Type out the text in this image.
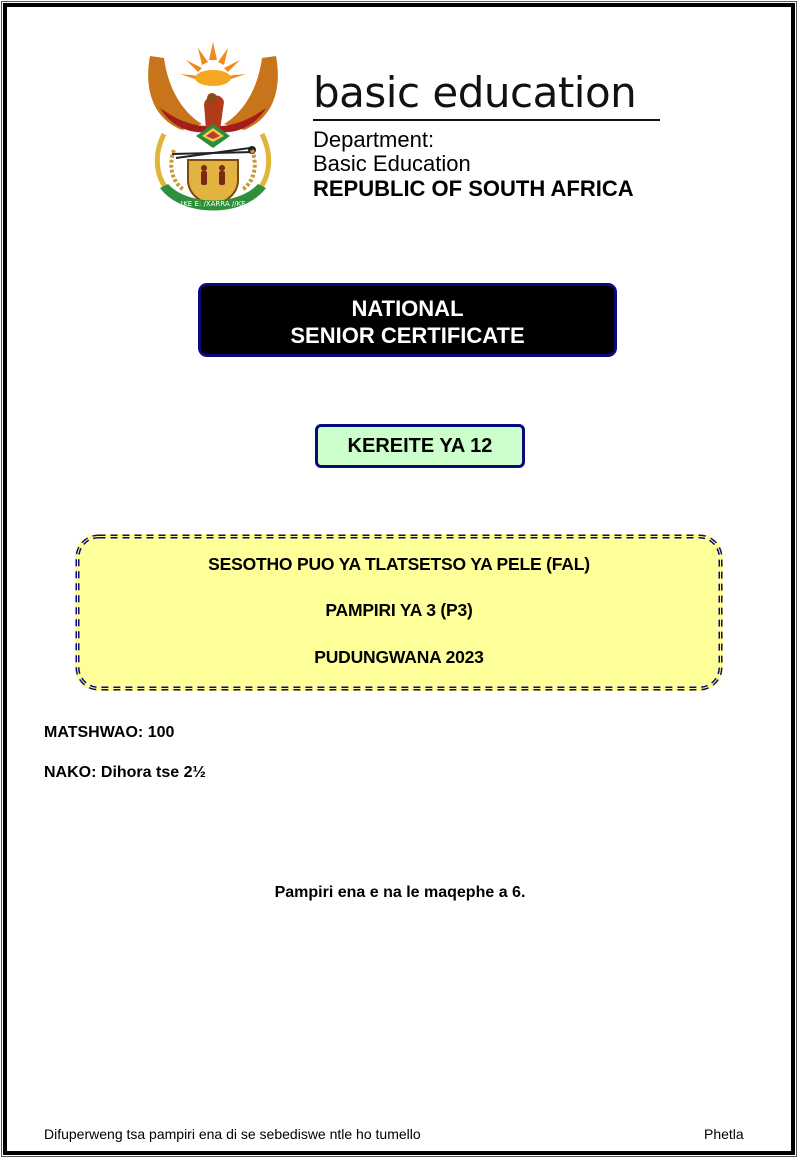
!KE E: /XARRA //KE
basic education
Department:
Basic Education
REPUBLIC OF SOUTH AFRICA
NATIONAL
SENIOR CERTIFICATE
KEREITE YA 12
SESOTHO PUO YA TLATSETSO YA PELE (FAL)
PAMPIRI YA 3 (P3)
PUDUNGWANA 2023
MATSHWAO: 100
NAKO: Dihora tse 2½
Pampiri ena e na le maqephe a 6.
Difuperweng tsa pampiri ena di se sebediswe ntle ho tumello	Phetla
